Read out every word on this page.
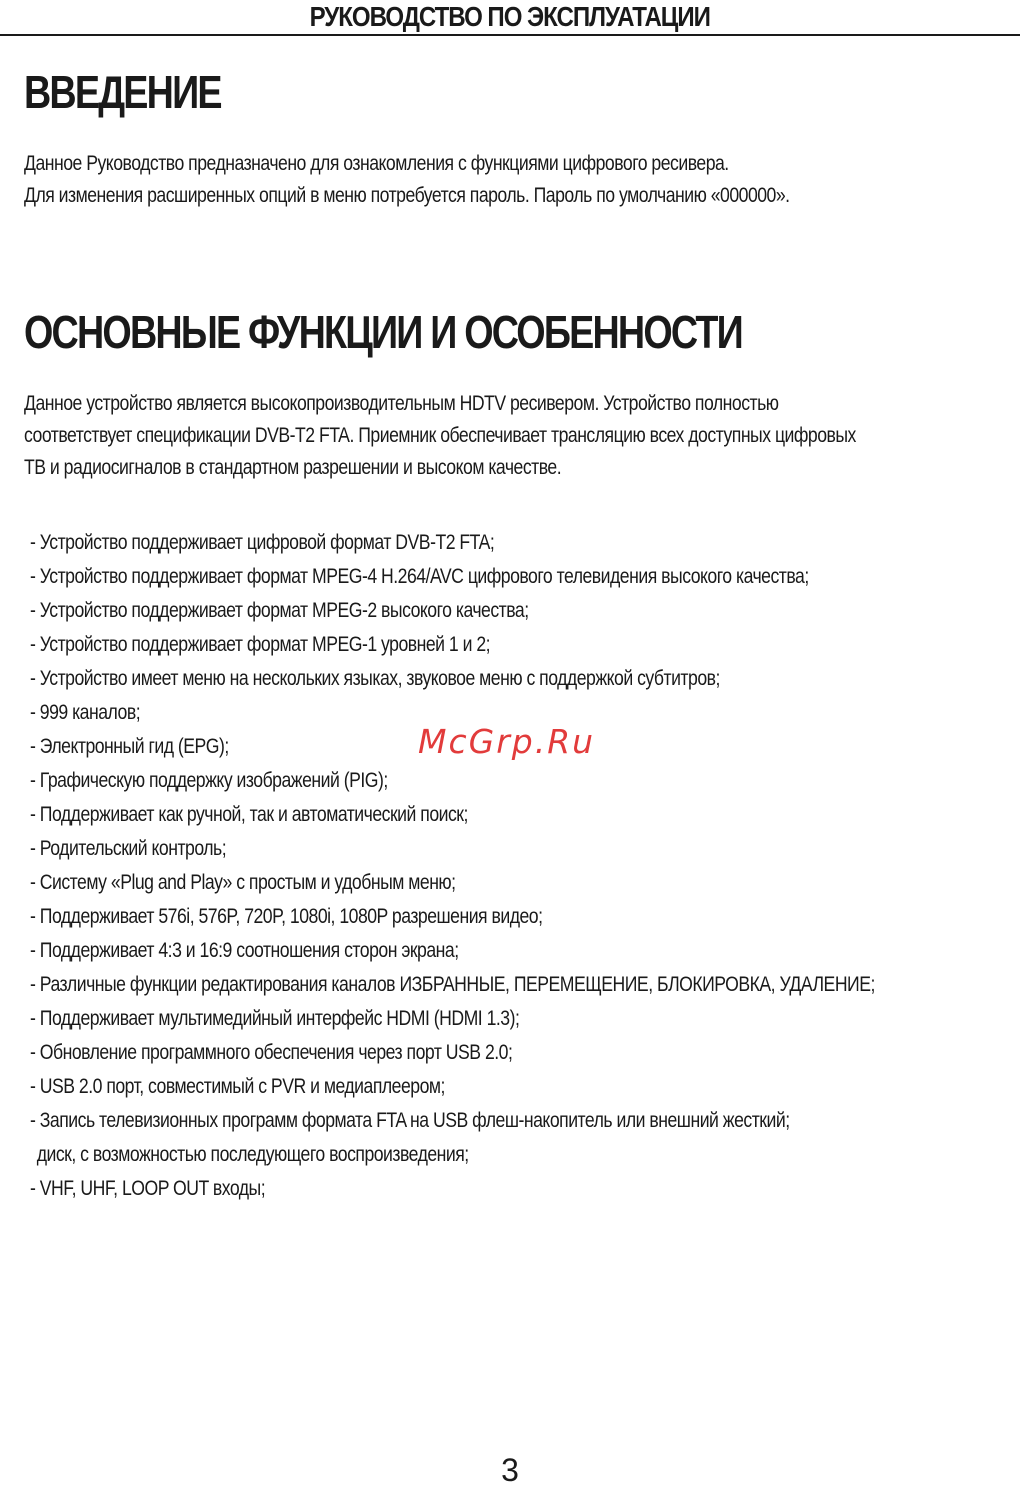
РУКОВОДСТВО ПО ЭКСПЛУАТАЦИИ
ВВЕДЕНИЕ

Данное Руководство предназначено для ознакомления с функциями цифрового ресивера.
Для изменения расширенных опций в меню потребуется пароль. Пароль по умолчанию «000000».

ОСНОВНЫЕ ФУНКЦИИ И ОСОБЕННОСТИ

Данное устройство является высокопроизводительным HDTV ресивером. Устройство полностью
соответствует спецификации DVB-T2 FTA. Приемник обеспечивает трансляцию всех доступных цифровых
ТВ и радиосигналов в стандартном разрешении и высоком качестве.

- Устройство поддерживает цифровой формат DVB-T2 FTA;
- Устройство поддерживает формат MPEG-4 H.264/AVC цифрового телевидения высокого качества;
- Устройство поддерживает формат MPEG-2 высокого качества;
- Устройство поддерживает формат MPEG-1 уровней 1 и 2;
- Устройство имеет меню на нескольких языках, звуковое меню с поддержкой субтитров;
- 999 каналов;
- Электронный гид (EPG);
- Графическую поддержку изображений (PIG);
- Поддерживает как ручной, так и автоматический поиск;
- Родительский контроль;
- Систему «Plug and Play» с простым и удобным меню;
- Поддерживает 576i, 576P, 720P, 1080i, 1080P разрешения видео;
- Поддерживает 4:3 и 16:9 соотношения сторон экрана;
- Различные функции редактирования каналов ИЗБРАННЫЕ, ПЕРЕМЕЩЕНИЕ, БЛОКИРОВКА, УДАЛЕНИЕ;
- Поддерживает мультимедийный интерфейс HDMI (HDMI 1.3);
- Обновление программного обеспечения через порт USB 2.0;
- USB 2.0 порт, совместимый с PVR и медиаплеером;
- Запись телевизионных программ формата FTA на USB флеш-накопитель или внешний жесткий;
диск, с возможностью последующего воспроизведения;
- VHF, UHF, LOOP OUT входы;
McGrp.Ru
3
